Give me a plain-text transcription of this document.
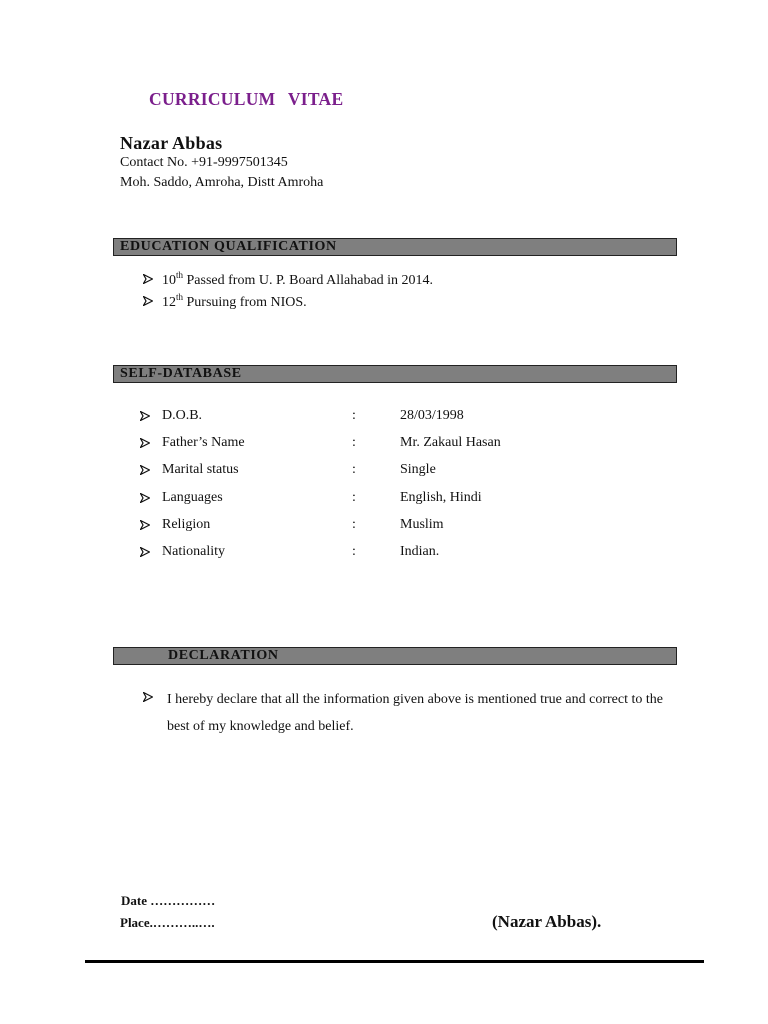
CURRICULUM VITAE
Nazar Abbas
Contact No. +91-9997501345
Moh. Saddo, Amroha, Distt Amroha
EDUCATION QUALIFICATION
10th Passed from U. P. Board Allahabad in 2014.
12th Pursuing from NIOS.
SELF-DATABASE
D.O.B.	:	28/03/1998
Father’s Name	:	Mr. Zakaul Hasan
Marital status	:	Single
Languages	:	English, Hindi
Religion	:	Muslim
Nationality	:	Indian.
DECLARATION
I hereby declare that all the information given above is mentioned true and correct to the best of my knowledge and belief.
Date ……………
Place.………..….	(Nazar Abbas).
